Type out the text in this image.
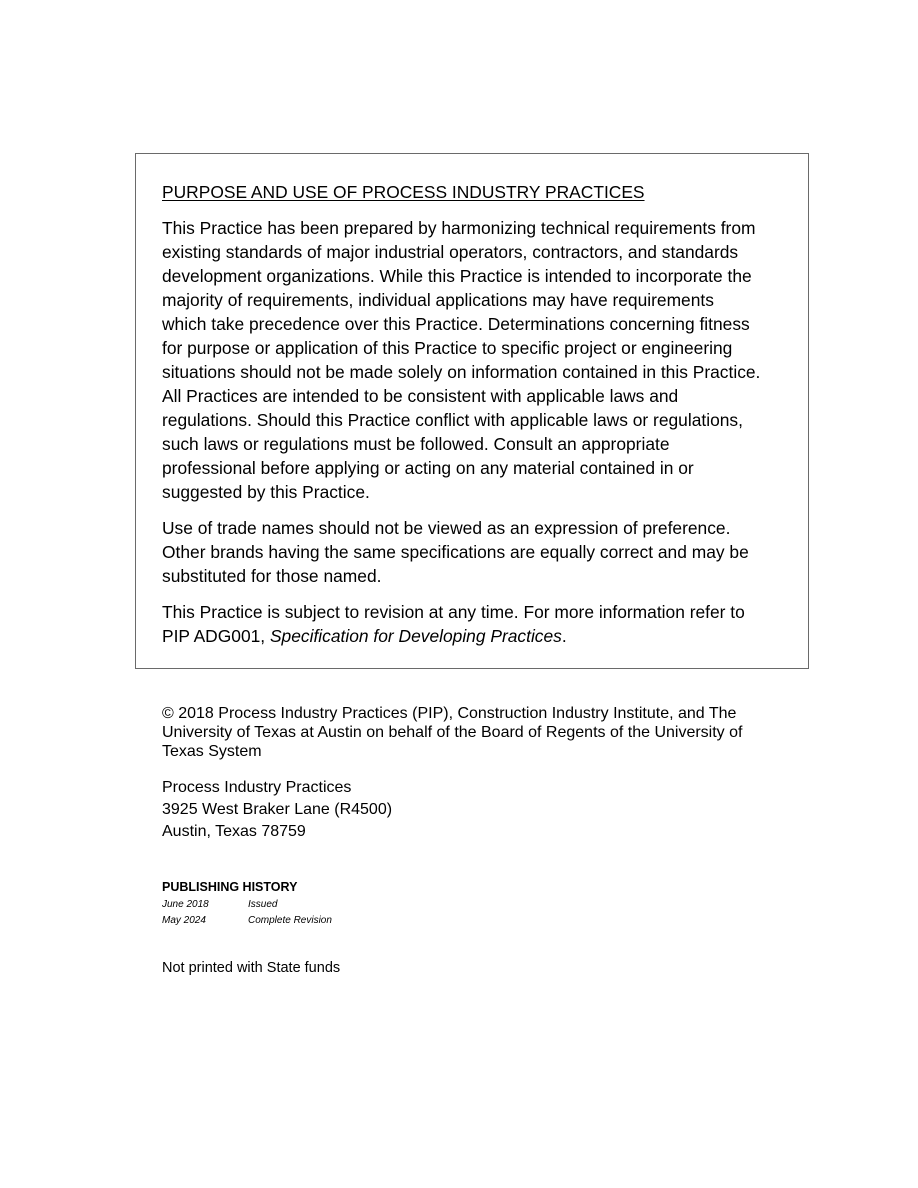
PURPOSE AND USE OF PROCESS INDUSTRY PRACTICES

This Practice has been prepared by harmonizing technical requirements from
existing standards of major industrial operators, contractors, and standards
development organizations. While this Practice is intended to incorporate the
majority of requirements, individual applications may have requirements
which take precedence over this Practice. Determinations concerning fitness
for purpose or application of this Practice to specific project or engineering
situations should not be made solely on information contained in this Practice.
All Practices are intended to be consistent with applicable laws and
regulations. Should this Practice conflict with applicable laws or regulations,
such laws or regulations must be followed. Consult an appropriate
professional before applying or acting on any material contained in or
suggested by this Practice.

Use of trade names should not be viewed as an expression of preference.
Other brands having the same specifications are equally correct and may be
substituted for those named.

This Practice is subject to revision at any time. For more information refer to
PIP ADG001, Specification for Developing Practices.

© 2018 Process Industry Practices (PIP), Construction Industry Institute, and The
University of Texas at Austin on behalf of the Board of Regents of the University of
Texas System

Process Industry Practices
3925 West Braker Lane (R4500)
Austin, Texas 78759

PUBLISHING HISTORY
June 2018	Issued
May 2024	Complete Revision

Not printed with State funds
